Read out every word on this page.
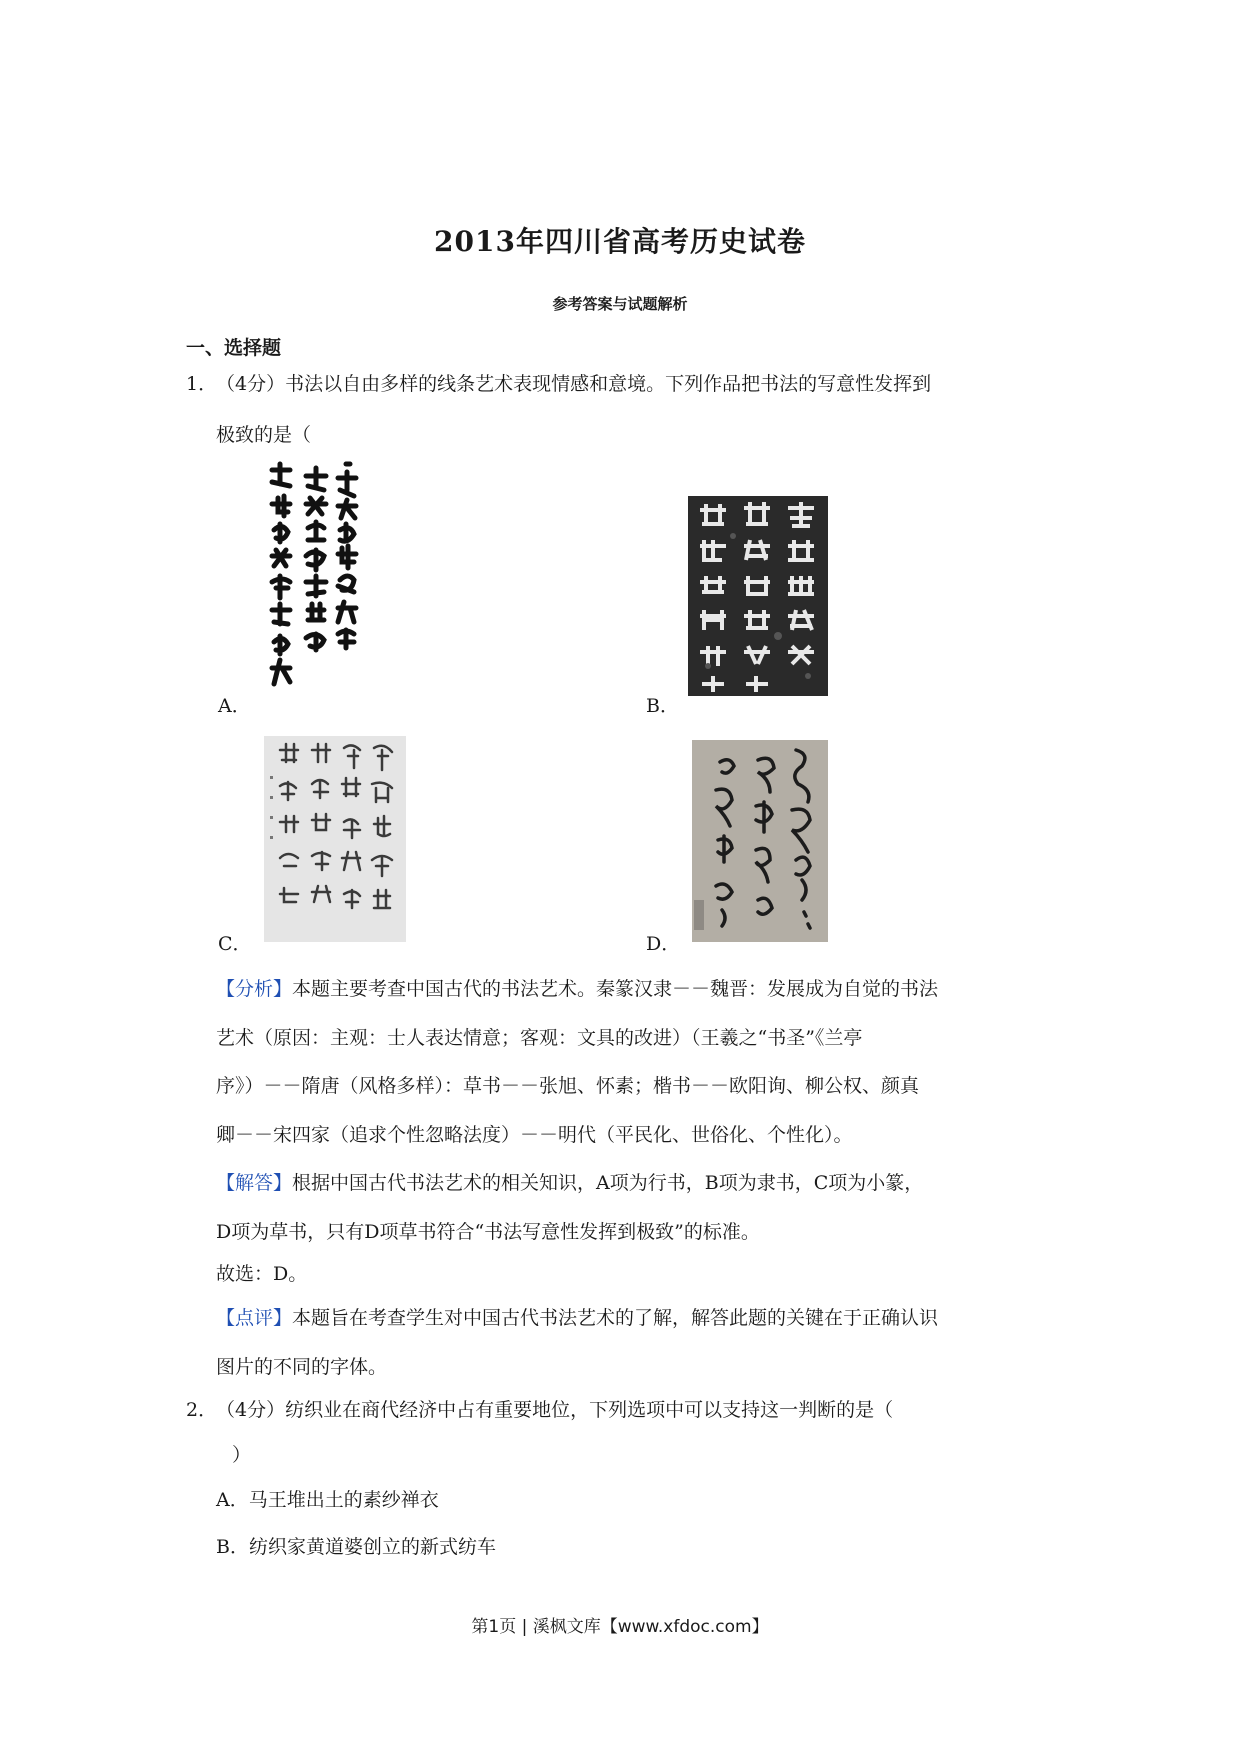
2013年四川省高考历史试卷
参考答案与试题解析
一、选择题
1．
（4分）书法以自由多样的线条艺术表现情感和意境。下列作品把书法的写意性发挥到
极致的是（
A．	B．
C．	D．
【分析】本题主要考查中国古代的书法艺术。秦篆汉隶－－魏晋：发展成为自觉的书法
艺术（原因：主观：士人表达情意；客观：文具的改进）（王羲之“书圣”《兰亭
序》）－－隋唐（风格多样）：草书－－张旭、怀素；楷书－－欧阳询、柳公权、颜真
卿－－宋四家（追求个性忽略法度）－－明代（平民化、世俗化、个性化）。
【解答】根据中国古代书法艺术的相关知识，A项为行书，B项为隶书，C项为小篆，
D项为草书，只有D项草书符合“书法写意性发挥到极致”的标准。
故选：D。
【点评】本题旨在考查学生对中国古代书法艺术的了解，解答此题的关键在于正确认识
图片的不同的字体。
2．
（4分）纺织业在商代经济中占有重要地位，下列选项中可以支持这一判断的是（
）
A．马王堆出土的素纱禅衣
B．纺织家黄道婆创立的新式纺车
第1页 | 溪枫文库【www.xfdoc.com】
